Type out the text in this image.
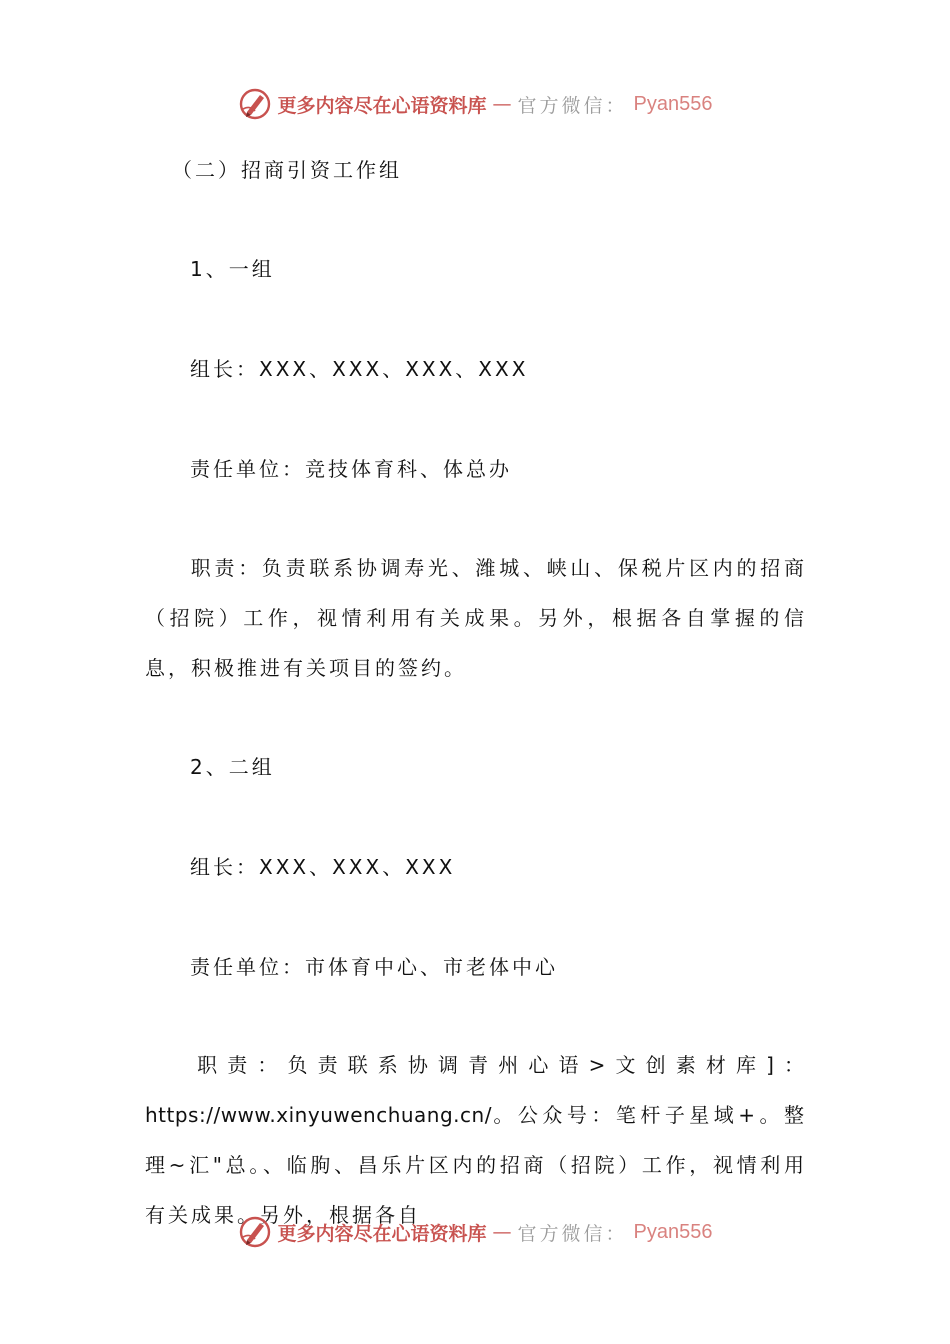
更多内容尽在心语资料库 — 官方微信： Pyan556
（二）招商引资工作组
1、一组
组长：XXX、XXX、XXX、XXX
责任单位：竞技体育科、体总办
职责：负责联系协调寿光、潍城、峡山、保税片区内的招商（招院）工作，视情利用有关成果。另外，根据各自掌握的信息，积极推进有关项目的签约。
2、二组
组长：XXX、XXX、XXX
责任单位：市体育中心、市老体中心
职责：负责联系协调青州心语>文创素材库]：https://www.xinyuwenchuang.cn/。公众号：笔杆子星域+。整理~汇"总。、临朐、昌乐片区内的招商（招院）工作，视情利用有关成果。另外，根据各自
更多内容尽在心语资料库 — 官方微信： Pyan556
